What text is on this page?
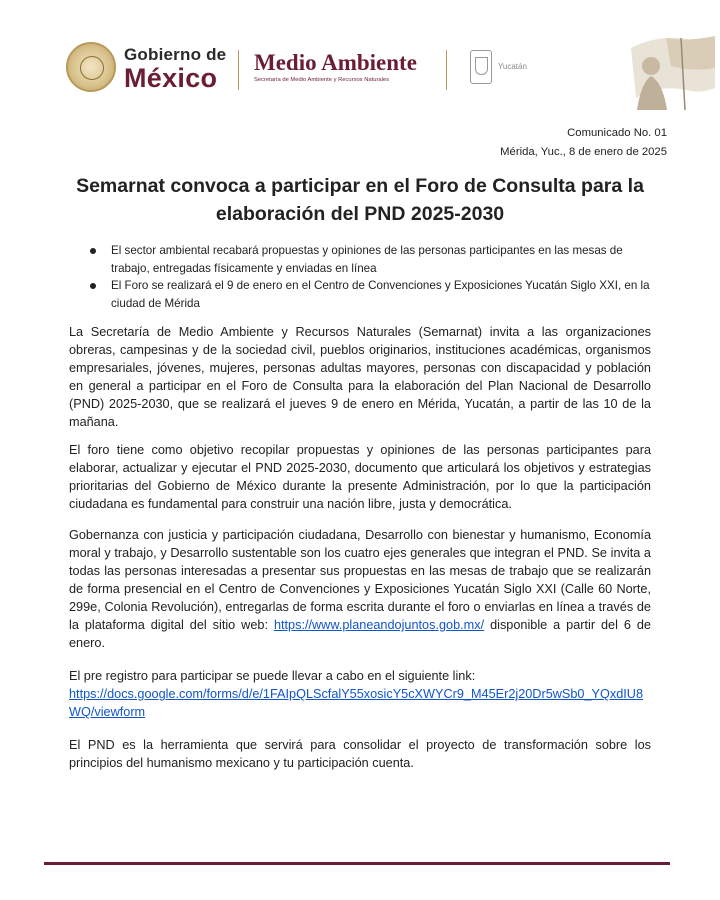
Gobierno de
México
Medio Ambiente
Secretaría de Medio Ambiente y Recursos Naturales
Yucatán
Comunicado No. 01
Mérida, Yuc., 8 de enero de 2025
Semarnat convoca a participar en el Foro de Consulta para la elaboración del PND 2025-2030
El sector ambiental recabará propuestas y opiniones de las personas participantes en las mesas de trabajo, entregadas físicamente y enviadas en línea
El Foro se realizará el 9 de enero en el Centro de Convenciones y Exposiciones Yucatán Siglo XXI, en la ciudad de Mérida

La Secretaría de Medio Ambiente y Recursos Naturales (Semarnat) invita a las organizaciones obreras, campesinas y de la sociedad civil, pueblos originarios, instituciones académicas, organismos empresariales, jóvenes, mujeres, personas adultas mayores, personas con discapacidad y población en general a participar en el Foro de Consulta para la elaboración del Plan Nacional de Desarrollo (PND) 2025-2030, que se realizará el jueves 9 de enero en Mérida, Yucatán, a partir de las 10 de la mañana.

El foro tiene como objetivo recopilar propuestas y opiniones de las personas participantes para elaborar, actualizar y ejecutar el PND 2025-2030, documento que articulará los objetivos y estrategias prioritarias del Gobierno de México durante la presente Administración, por lo que la participación ciudadana es fundamental para construir una nación libre, justa y democrática.

Gobernanza con justicia y participación ciudadana, Desarrollo con bienestar y humanismo, Economía moral y trabajo, y Desarrollo sustentable son los cuatro ejes generales que integran el PND. Se invita a todas las personas interesadas a presentar sus propuestas en las mesas de trabajo que se realizarán de forma presencial en el Centro de Convenciones y Exposiciones Yucatán Siglo XXI (Calle 60 Norte, 299e, Colonia Revolución), entregarlas de forma escrita durante el foro o enviarlas en línea a través de la plataforma digital del sitio web: https://www.planeandojuntos.gob.mx/ disponible a partir del 6 de enero.

El pre registro para participar se puede llevar a cabo en el siguiente link:
https://docs.google.com/forms/d/e/1FAIpQLScfalY55xosicY5cXWYCr9_M45Er2j20Dr5wSb0_YQxdIU8WQ/viewform

El PND es la herramienta que servirá para consolidar el proyecto de transformación sobre los principios del humanismo mexicano y tu participación cuenta.
